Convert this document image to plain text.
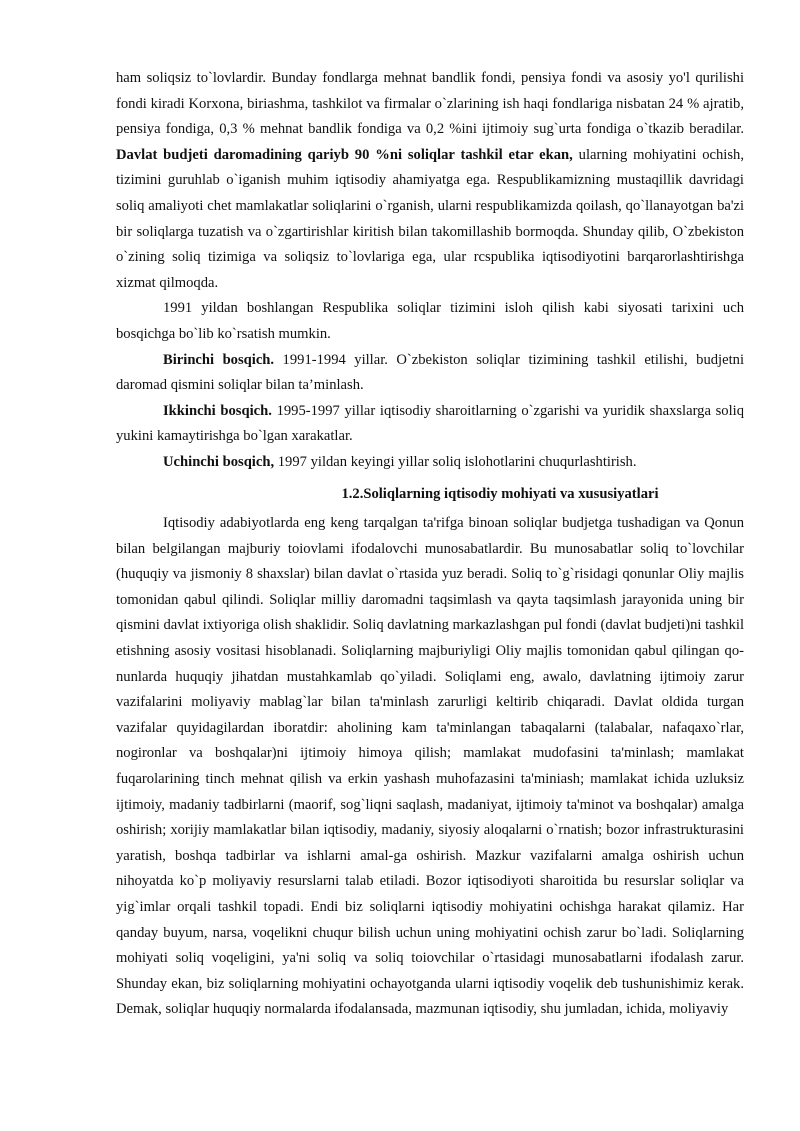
ham soliqsiz to`lovlardir. Bunday fondlarga mehnat bandlik fondi, pensiya fondi va asosiy yo'l qurilishi fondi kiradi Korxona, biriashma, tashkilot va firmalar o`zlarining ish haqi fondlariga nisbatan 24 % ajratib, pensiya fondiga, 0,3 % mehnat bandlik fondiga va 0,2 %ini ijtimoiy sug`urta fondiga o`tkazib beradilar. Davlat budjeti daromadining qariyb 90 %ni soliqlar tashkil etar ekan, ularning mohiyatini ochish, tizimini guruhlab o`iganish muhim iqtisodiy ahamiyatga ega. Respublikamizning mustaqillik davridagi soliq amaliyoti chet mamlakatlar soliqlarini o`rganish, ularni respublikamizda qoilash, qo`llanayotgan ba'zi bir soliqlarga tuzatish va o`zgartirishlar kiritish bilan takomillashib bormoqda. Shunday qilib, O`zbekiston o`zining soliq tizimiga va soliqsiz to`lovlariga ega, ular rcspublika iqtisodiyotini barqarorlashtirishga xizmat qilmoqda.

1991 yildan boshlangan Respublika soliqlar tizimini isloh qilish kabi siyosati tarixini uch bosqichga bo`lib ko`rsatish mumkin.

Birinchi bosqich. 1991-1994 yillar. O`zbekiston soliqlar tizimining tashkil etilishi, budjetni daromad qismini soliqlar bilan ta’minlash.

Ikkinchi bosqich. 1995-1997 yillar iqtisodiy sharoitlarning o`zgarishi va yuridik shaxslarga soliq yukini kamaytirishga bo`lgan xarakatlar.

Uchinchi bosqich, 1997 yildan keyingi yillar soliq islohotlarini chuqurlashtirish.

1.2.Soliqlarning iqtisodiy mohiyati va xususiyatlari

Iqtisodiy adabiyotlarda eng keng tarqalgan ta'rifga binoan soliqlar budjetga tushadigan va Qonun bilan belgilangan majburiy toiovlami ifodalovchi munosabatlardir. Bu munosabatlar soliq to`lovchilar (huquqiy va jismoniy 8 shaxslar) bilan davlat o`rtasida yuz beradi. Soliq to`g`risidagi qonunlar Oliy majlis tomonidan qabul qilindi. Soliqlar milliy daromadni taqsimlash va qayta taqsimlash jarayonida uning bir qismini davlat ixtiyoriga olish shaklidir. Soliq davlatning markazlashgan pul fondi (davlat budjeti)ni tashkil etishning asosiy vositasi hisoblanadi. Soliqlarning majburiyligi Oliy majlis tomonidan qabul qilingan qo-nunlarda huquqiy jihatdan mustahkamlab qo`yiladi. Soliqlami eng, awalo, davlatning ijtimoiy zarur vazifalarini moliyaviy mablag`lar bilan ta'minlash zarurligi keltirib chiqaradi. Davlat oldida turgan vazifalar quyidagilardan iboratdir: aholining kam ta'minlangan tabaqalarni (talabalar, nafaqaxo`rlar, nogironlar va boshqalar)ni ijtimoiy himoya qilish; mamlakat mudofasini ta'minlash; mamlakat fuqarolarining tinch mehnat qilish va erkin yashash muhofazasini ta'miniash; mamlakat ichida uzluksiz ijtimoiy, madaniy tadbirlarni (maorif, sog`liqni saqlash, madaniyat, ijtimoiy ta'minot va boshqalar) amalga oshirish; xorijiy mamlakatlar bilan iqtisodiy, madaniy, siyosiy aloqalarni o`rnatish; bozor infrastrukturasini yaratish, boshqa tadbirlar va ishlarni amal-ga oshirish. Mazkur vazifalarni amalga oshirish uchun nihoyatda ko`p moliyaviy resurslarni talab etiladi. Bozor iqtisodiyoti sharoitida bu resurslar soliqlar va yig`imlar orqali tashkil topadi. Endi biz soliqlarni iqtisodiy mohiyatini ochishga harakat qilamiz. Har qanday buyum, narsa, voqelikni chuqur bilish uchun uning mohiyatini ochish zarur bo`ladi. Soliqlarning mohiyati soliq voqeligini, ya'ni soliq va soliq toiovchilar o`rtasidagi munosabatlarni ifodalash zarur. Shunday ekan, biz soliqlarning mohiyatini ochayotganda ularni iqtisodiy voqelik deb tushunishimiz kerak. Demak, soliqlar huquqiy normalarda ifodalansada, mazmunan iqtisodiy, shu jumladan, ichida, moliyaviy
